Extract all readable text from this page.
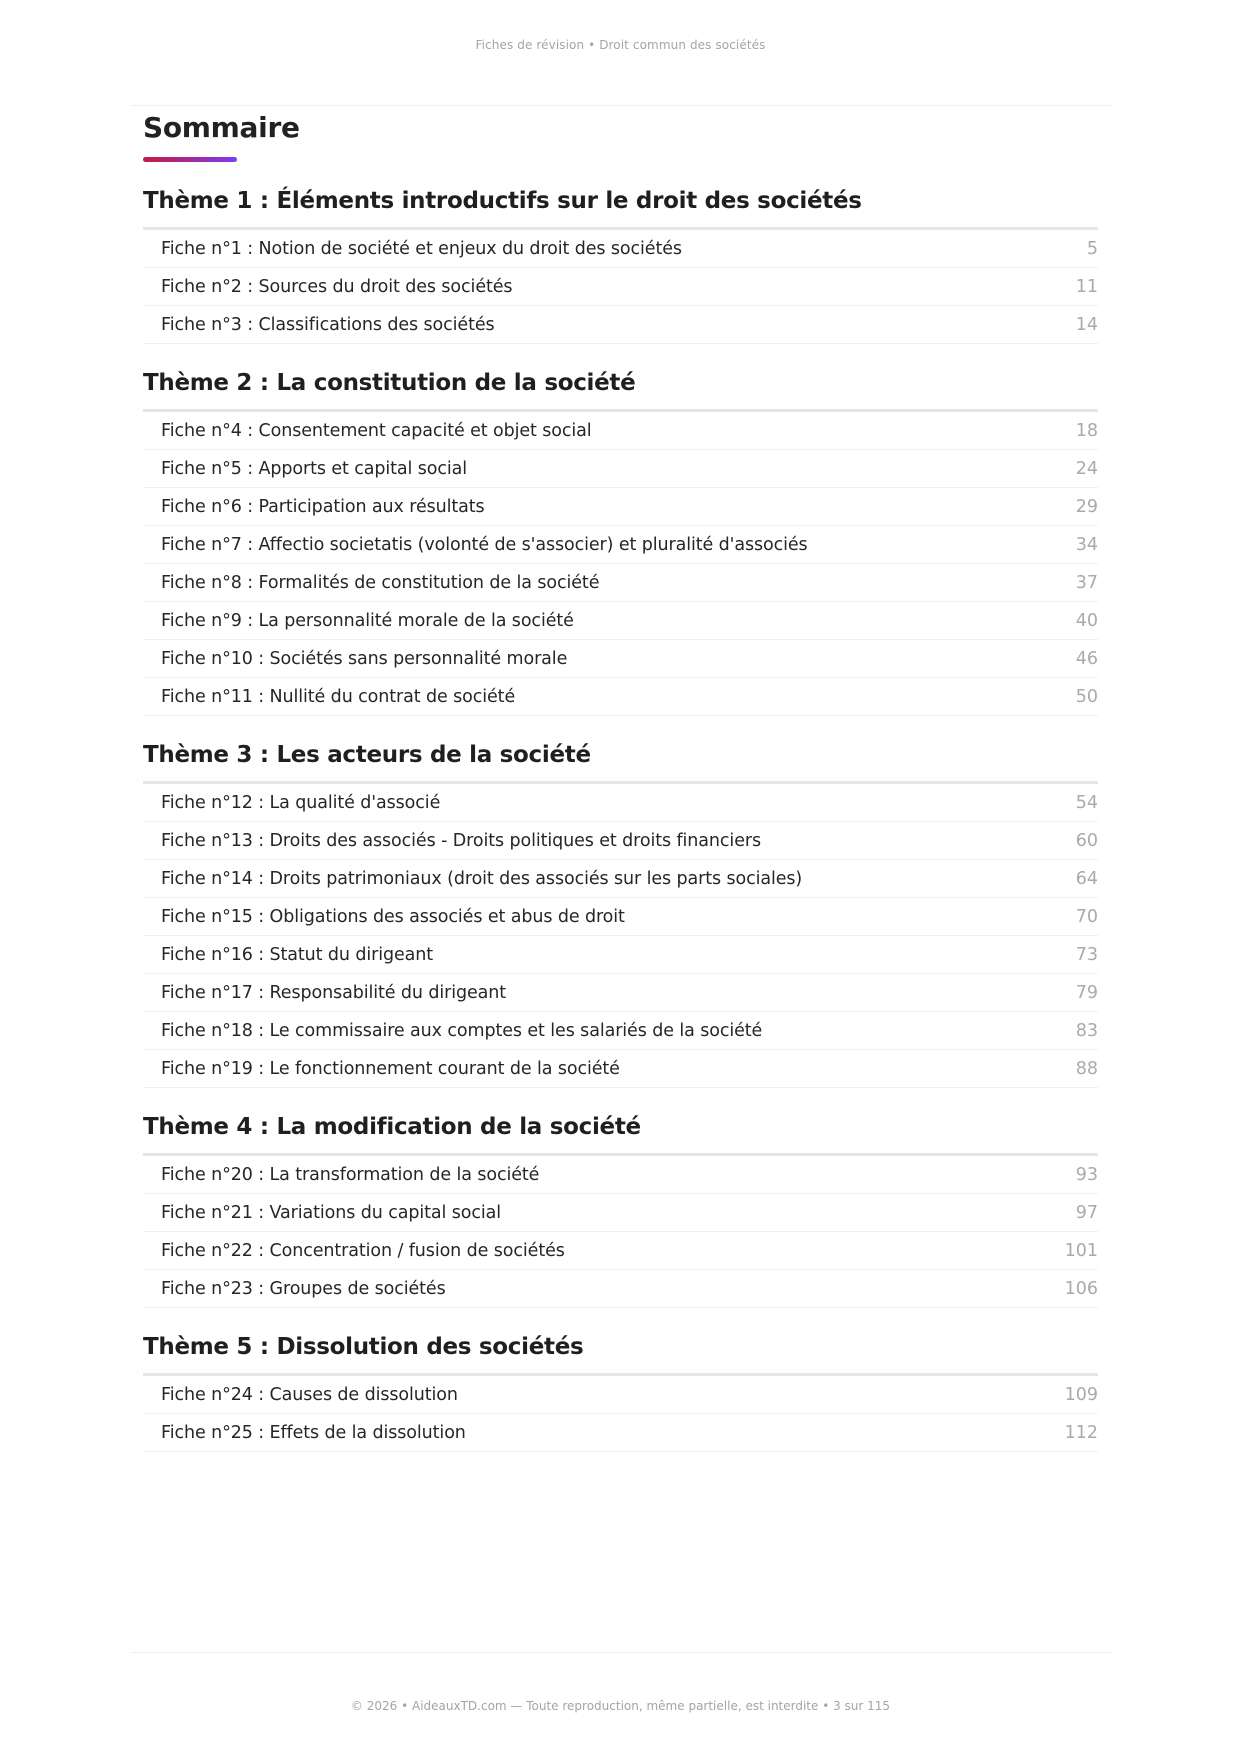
Fiches de révision • Droit commun des sociétés
Sommaire
Thème 1 : Éléments introductifs sur le droit des sociétés
Fiche n°1 : Notion de société et enjeux du droit des sociétés	5
Fiche n°2 : Sources du droit des sociétés	11
Fiche n°3 : Classifications des sociétés	14
Thème 2 : La constitution de la société
Fiche n°4 : Consentement capacité et objet social	18
Fiche n°5 : Apports et capital social	24
Fiche n°6 : Participation aux résultats	29
Fiche n°7 : Affectio societatis (volonté de s'associer) et pluralité d'associés	34
Fiche n°8 : Formalités de constitution de la société	37
Fiche n°9 : La personnalité morale de la société	40
Fiche n°10 : Sociétés sans personnalité morale	46
Fiche n°11 : Nullité du contrat de société	50
Thème 3 : Les acteurs de la société
Fiche n°12 : La qualité d'associé	54
Fiche n°13 : Droits des associés - Droits politiques et droits financiers	60
Fiche n°14 : Droits patrimoniaux (droit des associés sur les parts sociales)	64
Fiche n°15 : Obligations des associés et abus de droit	70
Fiche n°16 : Statut du dirigeant	73
Fiche n°17 : Responsabilité du dirigeant	79
Fiche n°18 : Le commissaire aux comptes et les salariés de la société	83
Fiche n°19 : Le fonctionnement courant de la société	88
Thème 4 : La modification de la société
Fiche n°20 : La transformation de la société	93
Fiche n°21 : Variations du capital social	97
Fiche n°22 : Concentration / fusion de sociétés	101
Fiche n°23 : Groupes de sociétés	106
Thème 5 : Dissolution des sociétés
Fiche n°24 : Causes de dissolution	109
Fiche n°25 : Effets de la dissolution	112
© 2026 • AideauxTD.com — Toute reproduction, même partielle, est interdite • 3 sur 115
